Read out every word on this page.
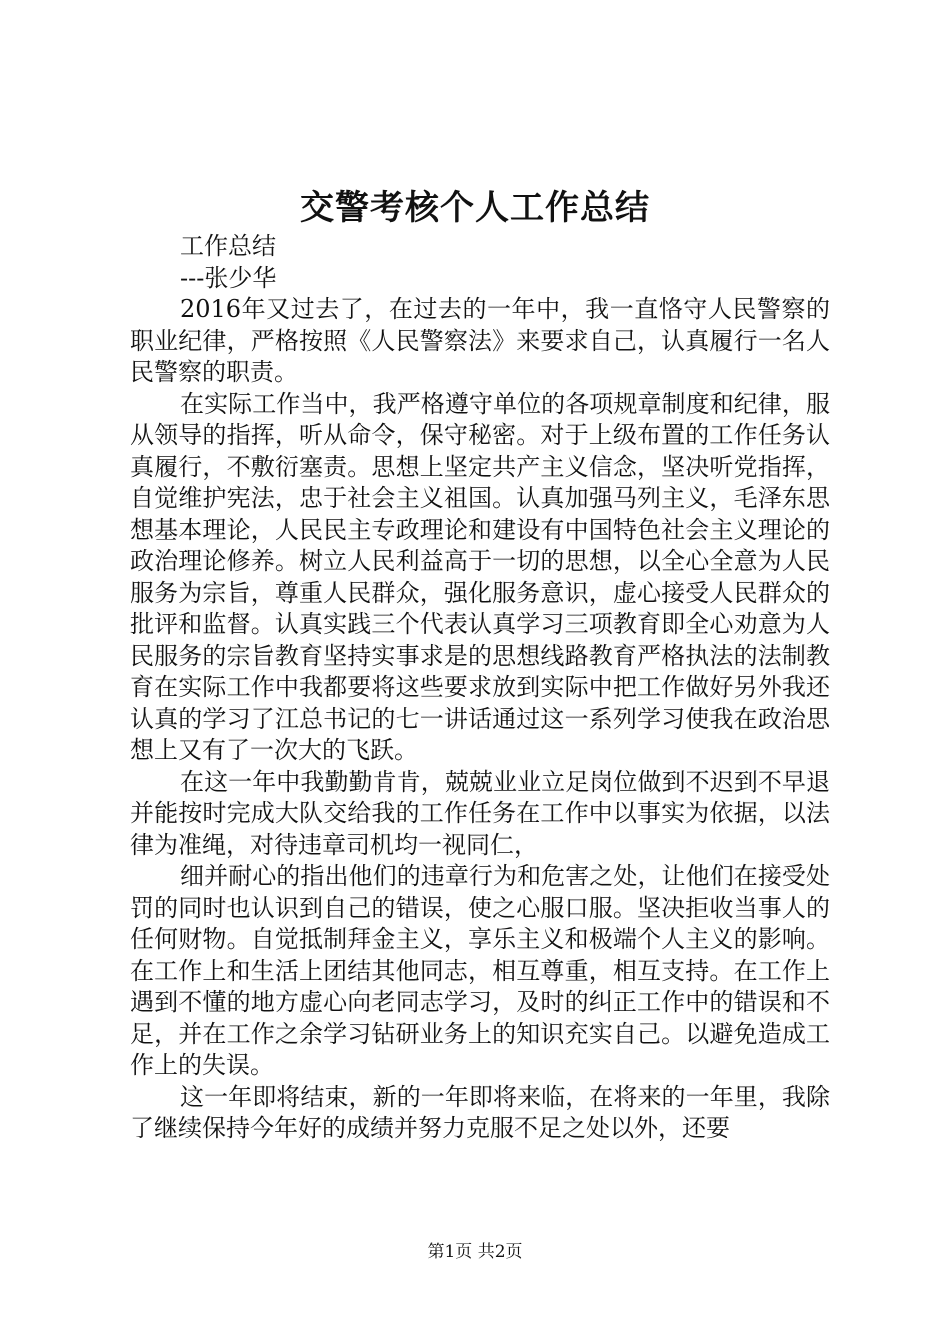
交警考核个人工作总结

工作总结

---张少华

2016年又过去了，在过去的一年中，我一直恪守人民警察的职业纪律，严格按照《人民警察法》来要求自己，认真履行一名人民警察的职责。

在实际工作当中，我严格遵守单位的各项规章制度和纪律，服从领导的指挥，听从命令，保守秘密。对于上级布置的工作任务认真履行，不敷衍塞责。思想上坚定共产主义信念，坚决听党指挥，自觉维护宪法，忠于社会主义祖国。认真加强马列主义，毛泽东思想基本理论，人民民主专政理论和建设有中国特色社会主义理论的政治理论修养。树立人民利益高于一切的思想，以全心全意为人民服务为宗旨，尊重人民群众，强化服务意识，虚心接受人民群众的批评和监督。认真实践三个代表认真学习三项教育即全心劝意为人民服务的宗旨教育坚持实事求是的思想线路教育严格执法的法制教育在实际工作中我都要将这些要求放到实际中把工作做好另外我还认真的学习了江总书记的七一讲话通过这一系列学习使我在政治思想上又有了一次大的飞跃。

在这一年中我勤勤肯肯，兢兢业业立足岗位做到不迟到不早退并能按时完成大队交给我的工作任务在工作中以事实为依据，以法律为准绳，对待违章司机均一视同仁，

细并耐心的指出他们的违章行为和危害之处，让他们在接受处罚的同时也认识到自己的错误，使之心服口服。坚决拒收当事人的任何财物。自觉抵制拜金主义，享乐主义和极端个人主义的影响。在工作上和生活上团结其他同志，相互尊重，相互支持。在工作上遇到不懂的地方虚心向老同志学习，及时的纠正工作中的错误和不足，并在工作之余学习钻研业务上的知识充实自己。以避免造成工作上的失误。

这一年即将结束，新的一年即将来临，在将来的一年里，我除了继续保持今年好的成绩并努力克服不足之处以外，还要

第1页 共2页
